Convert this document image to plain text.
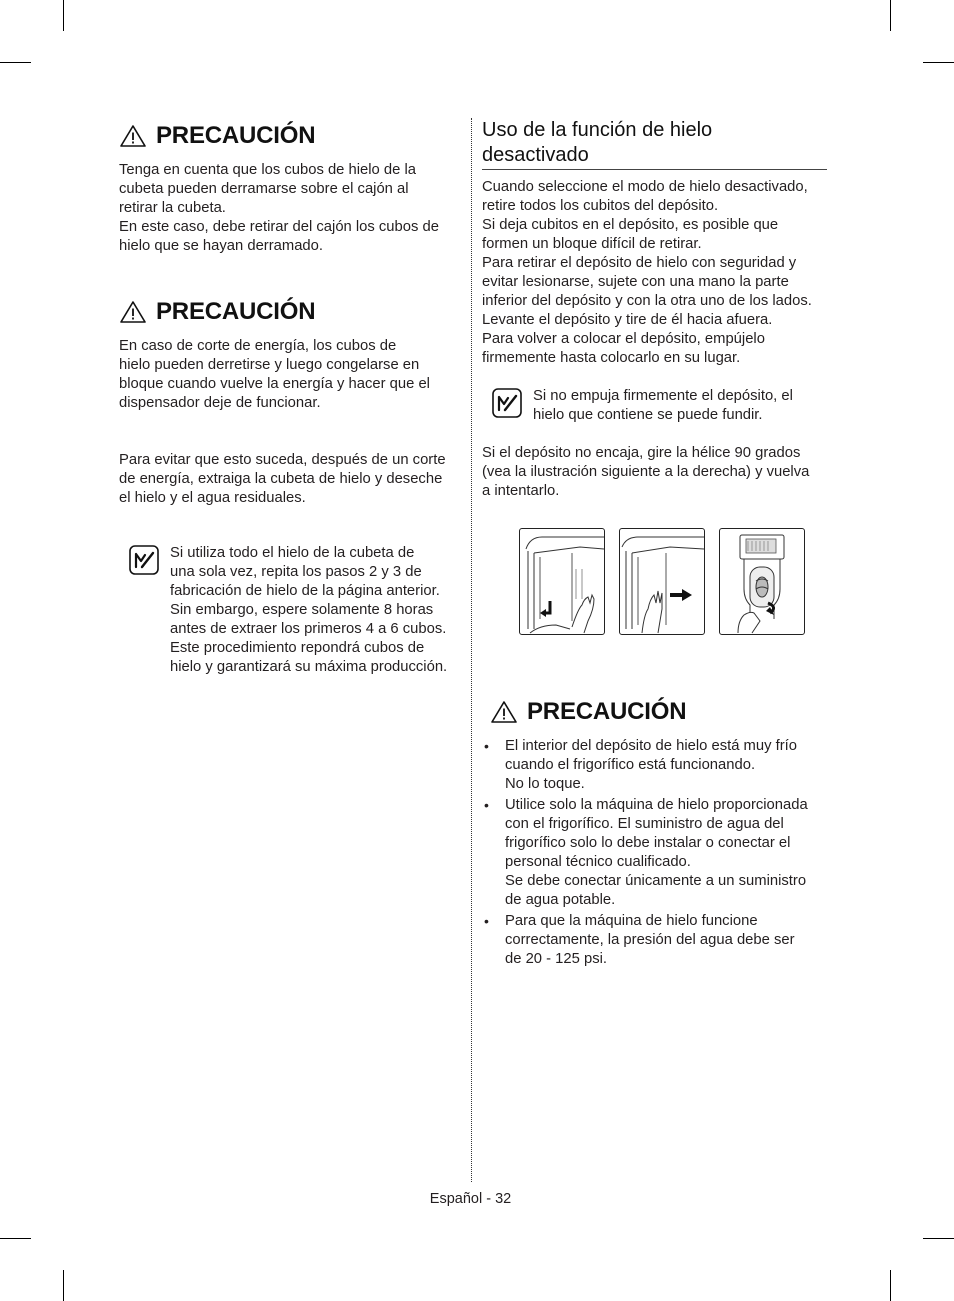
PRECAUCIÓN

Tenga en cuenta que los cubos de hielo de la

cubeta pueden derramarse sobre el cajón al

retirar la cubeta.

En este caso, debe retirar del cajón los cubos de

hielo que se hayan derramado.

PRECAUCIÓN

En caso de corte de energía, los cubos de

hielo pueden derretirse y luego congelarse en

bloque cuando vuelve la energía y hacer que el

dispensador deje de funcionar.

Para evitar que esto suceda, después de un corte

de energía, extraiga la cubeta de hielo y deseche

el hielo y el agua residuales.

Si utiliza todo el hielo de la cubeta de

una sola vez, repita los pasos 2 y 3 de

fabricación de hielo de la página anterior.

Sin embargo, espere solamente 8 horas

antes de extraer los primeros 4 a 6 cubos.

Este procedimiento repondrá cubos de

hielo y garantizará su máxima producción.

Uso de la función de hielo
desactivado

Cuando seleccione el modo de hielo desactivado,

retire todos los cubitos del depósito.

Si deja cubitos en el depósito, es posible que

formen un bloque difícil de retirar.

Para retirar el depósito de hielo con seguridad y

evitar lesionarse, sujete con una mano la parte

inferior del depósito y con la otra uno de los lados.

Levante el depósito y tire de él hacia afuera.

Para volver a colocar el depósito, empújelo

firmemente hasta colocarlo en su lugar.

Si no empuja firmemente el depósito, el

hielo que contiene se puede fundir.

Si el depósito no encaja, gire la hélice 90 grados

(vea la ilustración siguiente a la derecha) y vuelva

a intentarlo.

PRECAUCIÓN
• El interior del depósito de hielo está muy frío
cuando el frigorífico está funcionando.
No lo toque.
• Utilice solo la máquina de hielo proporcionada
con el frigorífico. El suministro de agua del
frigorífico solo lo debe instalar o conectar el
personal técnico cualificado.
Se debe conectar únicamente a un suministro
de agua potable.
• Para que la máquina de hielo funcione
correctamente, la presión del agua debe ser
de 20 - 125 psi.
Español - 32
